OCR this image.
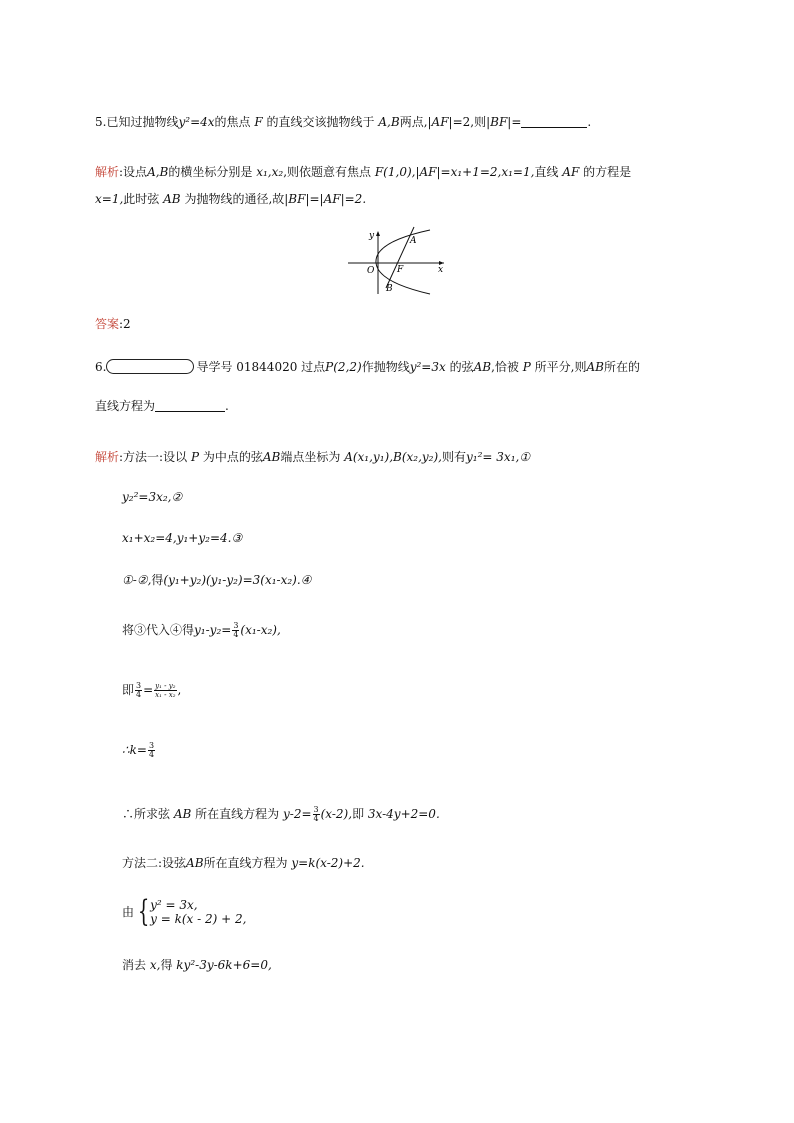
5.已知过抛物线y²=4x的焦点 F 的直线交该抛物线于 A,B两点,|AF|=2,则|BF|=	.
解析:设点A,B的横坐标分别是 x₁,x₂,则依题意有焦点 F(1,0),|AF|=x₁+1=2,x₁=1,直线 AF 的方程是
x=1,此时弦 AB 为抛物线的通径,故|BF|=|AF|=2.
y
x
O	F
A
B
答案:2
6.	导学号 01844020 过点P(2,2)作抛物线y²=3x 的弦AB,恰被 P 所平分,则AB所在的
直线方程为	.
解析:方法一:设以 P 为中点的弦AB端点坐标为 A(x₁,y₁),B(x₂,y₂),则有y₁²= 3x₁,①
y₂²=3x₂,②
x₁+x₂=4,y₁+y₂=4.③
①-②,得(y₁+y₂)(y₁-y₂)=3(x₁-x₂).④
将③代入④得$y_1-y_2= \frac{3}{4} (x_1-x_2)$,
即 $\frac{3}{4} = \frac{\text{y₁ - y₂}}{\text{x₁ - x₂}}$ ,
∴k= $\frac{3}{4}$
∴所求弦 AB 所在直线方程为 $y-2= \frac{3}{4} (x-2)$,即 3x-4y+2=0.
方法二:设弦AB所在直线方程为 y=k(x-2)+2.
由 { y² = 3x,
y = k(x - 2) + 2,
消去 x,得 ky²-3y-6k+6=0,
